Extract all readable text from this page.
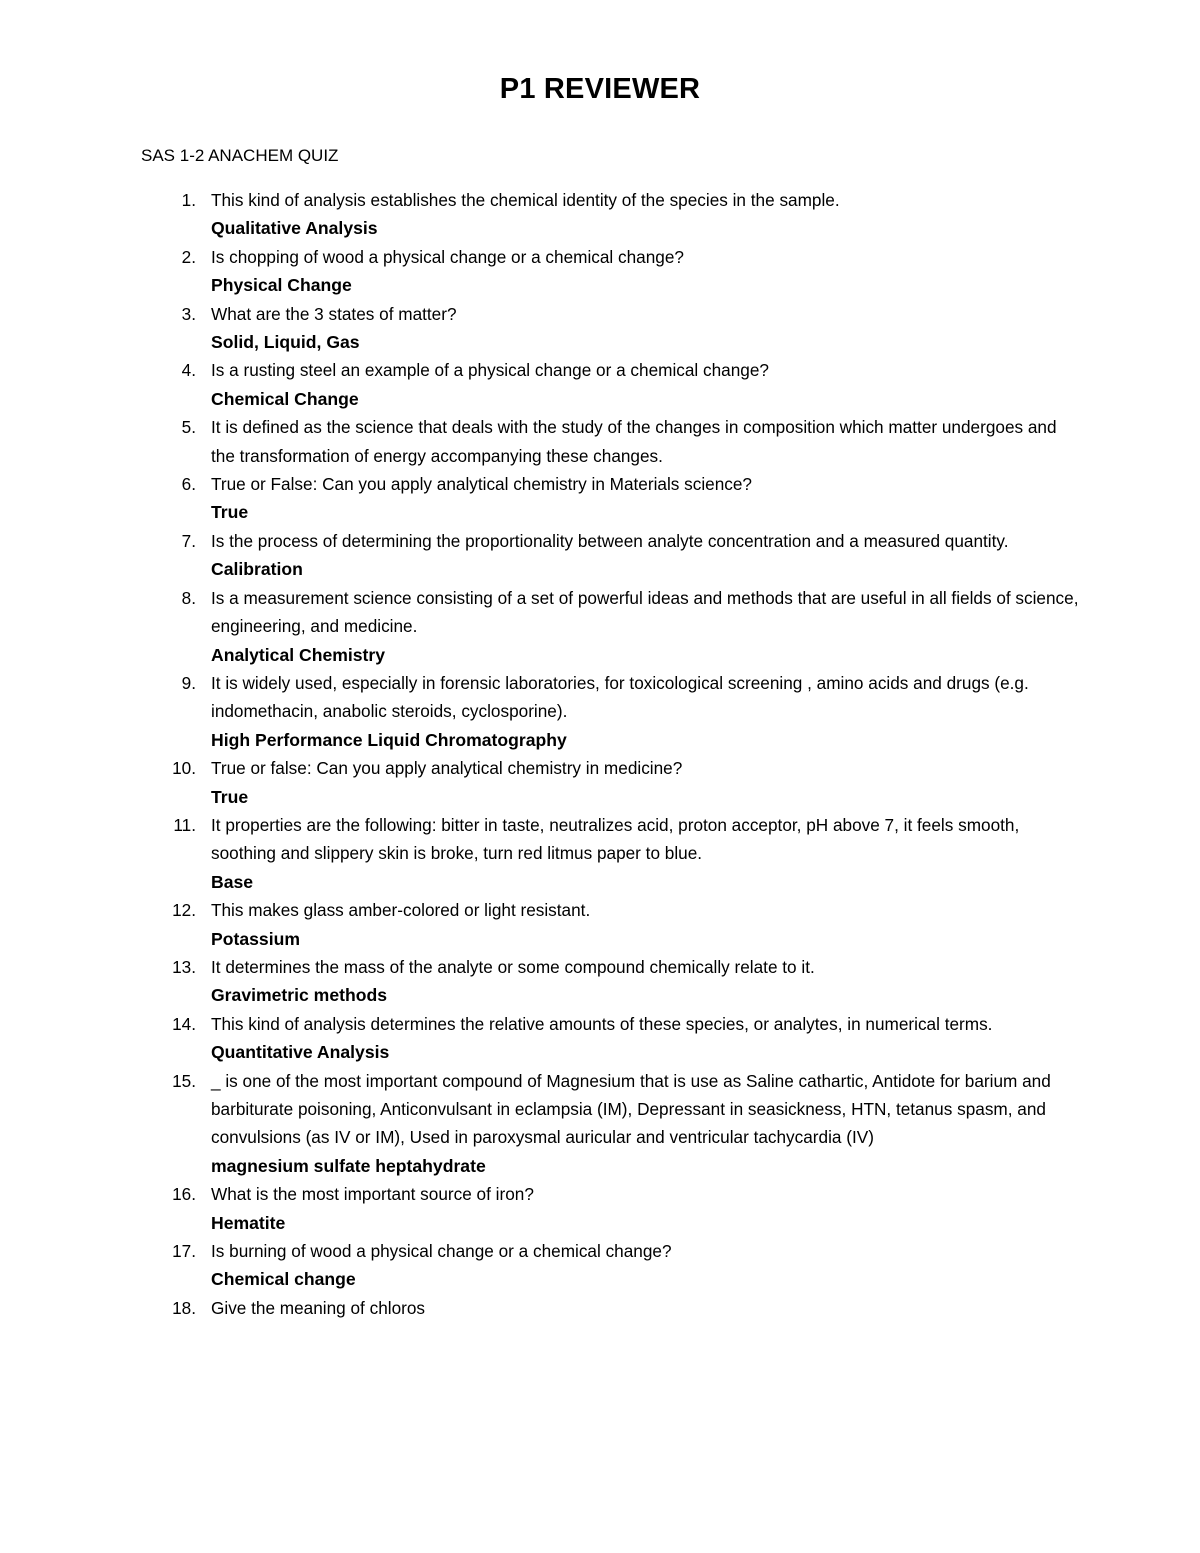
P1 REVIEWER
SAS 1-2 ANACHEM QUIZ
1. This kind of analysis establishes the chemical identity of the species in the sample.
Qualitative Analysis
2. Is chopping of wood a physical change or a chemical change?
Physical Change
3. What are the 3 states of matter?
Solid, Liquid, Gas
4. Is a rusting steel an example of a physical change or a chemical change?
Chemical Change
5. It is defined as the science that deals with the study of the changes in composition which matter undergoes and the transformation of energy accompanying these changes.
6. True or False: Can you apply analytical chemistry in Materials science?
True
7. Is the process of determining the proportionality between analyte concentration and a measured quantity.
Calibration
8. Is a measurement science consisting of a set of powerful ideas and methods that are useful in all fields of science, engineering, and medicine.
Analytical Chemistry
9. It is widely used, especially in forensic laboratories, for toxicological screening , amino acids and drugs (e.g. indomethacin, anabolic steroids, cyclosporine).
High Performance Liquid Chromatography
10. True or false: Can you apply analytical chemistry in medicine?
True
11. It properties are the following: bitter in taste, neutralizes acid, proton acceptor, pH above 7, it feels smooth, soothing and slippery skin is broke, turn red litmus paper to blue.
Base
12. This makes glass amber-colored or light resistant.
Potassium
13. It determines the mass of the analyte or some compound chemically relate to it.
Gravimetric methods
14. This kind of analysis determines the relative amounts of these species, or analytes, in numerical terms.
Quantitative Analysis
15. _ is one of the most important compound of Magnesium that is use as Saline cathartic, Antidote for barium and barbiturate poisoning, Anticonvulsant in eclampsia (IM), Depressant in seasickness, HTN, tetanus spasm, and convulsions (as IV or IM), Used in paroxysmal auricular and ventricular tachycardia (IV)
magnesium sulfate heptahydrate
16. What is the most important source of iron?
Hematite
17. Is burning of wood a physical change or a chemical change?
Chemical change
18. Give the meaning of chloros
